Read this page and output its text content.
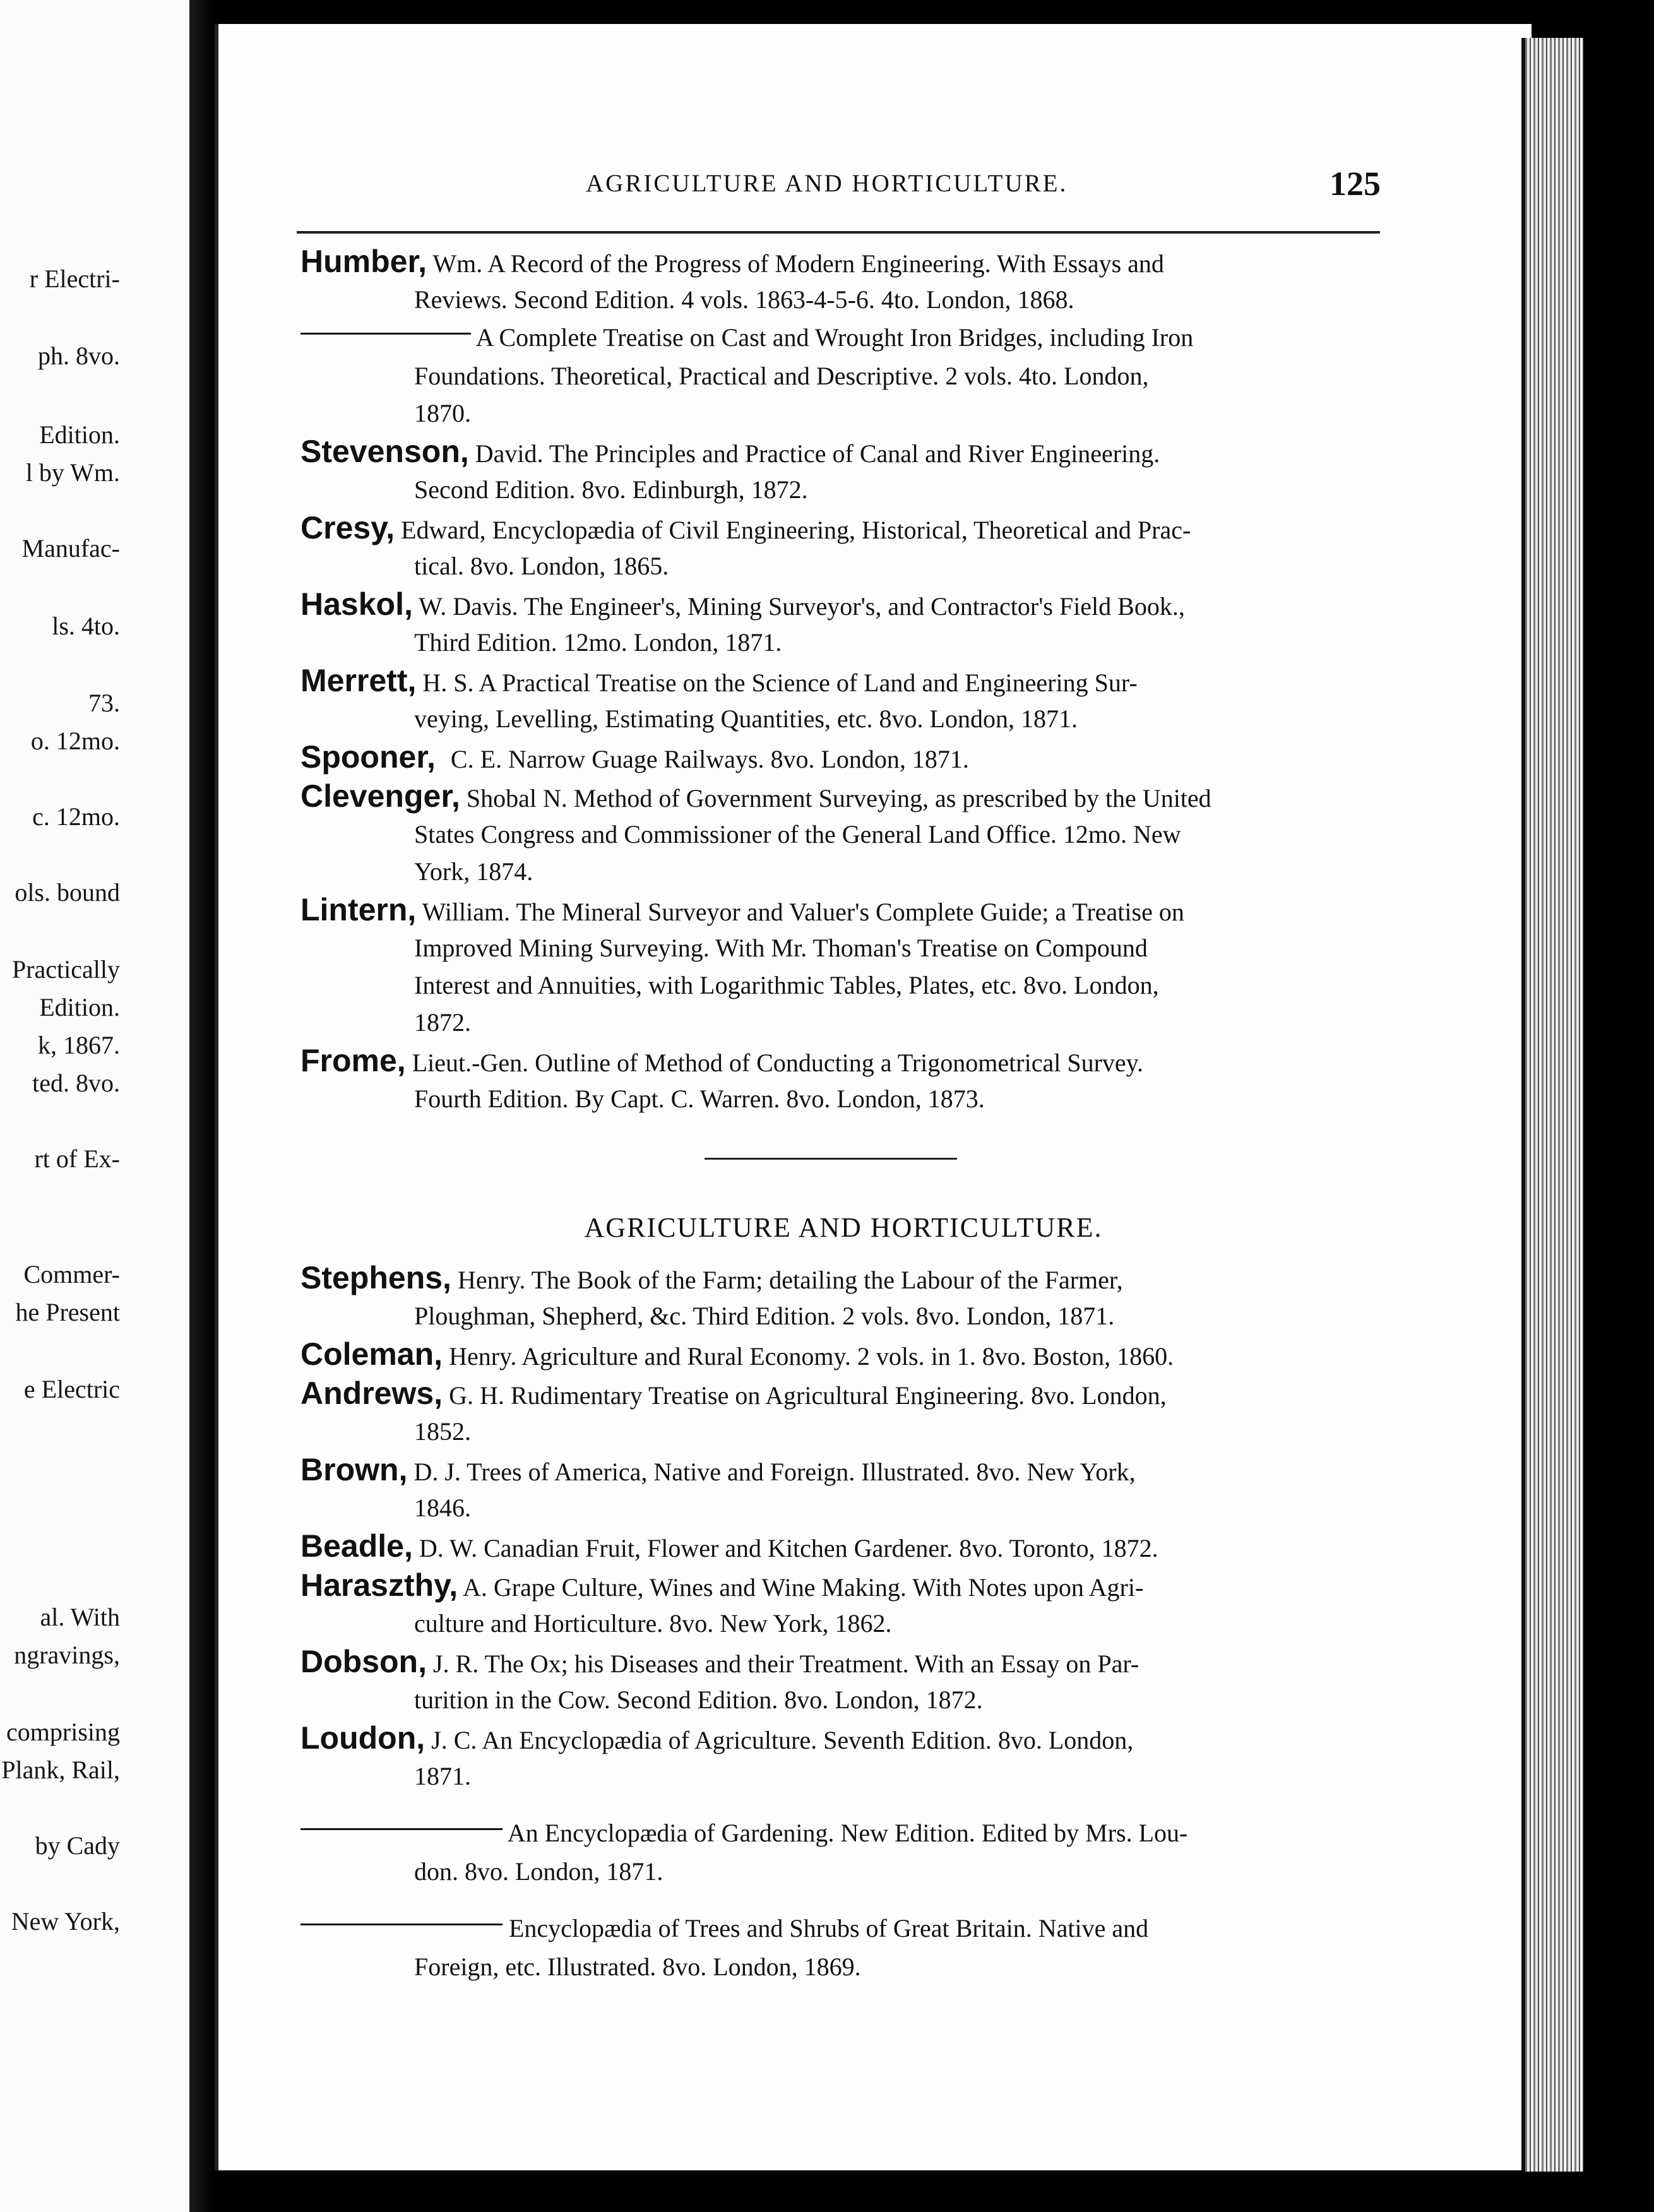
r Electri-
ph. 8vo.
Edition.
l by Wm.
Manufac-
ls. 4to.
73.
o. 12mo.
c. 12mo.
ols. bound
Practically
Edition.
k, 1867.
ted. 8vo.
rt of Ex-
Commer-
he Present
e Electric
al. With
ngravings,
comprising
Plank, Rail,
by Cady
New York,
AGRICULTURE AND HORTICULTURE.	125
Humber, Wm. A Record of the Progress of Modern Engineering. With Essays and
Reviews. Second Edition. 4 vols. 1863-4-5-6. 4to. London, 1868.
A Complete Treatise on Cast and Wrought Iron Bridges, including Iron
Foundations. Theoretical, Practical and Descriptive. 2 vols. 4to. London,
1870.
Stevenson, David. The Principles and Practice of Canal and River Engineering.
Second Edition. 8vo. Edinburgh, 1872.
Cresy, Edward, Encyclopædia of Civil Engineering, Historical, Theoretical and Prac-
tical. 8vo. London, 1865.
Haskol, W. Davis. The Engineer's, Mining Surveyor's, and Contractor's Field Book.,
Third Edition. 12mo. London, 1871.
Merrett, H. S. A Practical Treatise on the Science of Land and Engineering Sur-
veying, Levelling, Estimating Quantities, etc. 8vo. London, 1871.
Spooner, C. E. Narrow Guage Railways. 8vo. London, 1871.
Clevenger, Shobal N. Method of Government Surveying, as prescribed by the United
States Congress and Commissioner of the General Land Office. 12mo. New
York, 1874.
Lintern, William. The Mineral Surveyor and Valuer's Complete Guide; a Treatise on
Improved Mining Surveying. With Mr. Thoman's Treatise on Compound
Interest and Annuities, with Logarithmic Tables, Plates, etc. 8vo. London,
1872.
Frome, Lieut.-Gen. Outline of Method of Conducting a Trigonometrical Survey.
Fourth Edition. By Capt. C. Warren. 8vo. London, 1873.
AGRICULTURE AND HORTICULTURE.
Stephens, Henry. The Book of the Farm; detailing the Labour of the Farmer,
Ploughman, Shepherd, &c. Third Edition. 2 vols. 8vo. London, 1871.
Coleman, Henry. Agriculture and Rural Economy. 2 vols. in 1. 8vo. Boston, 1860.
Andrews, G. H. Rudimentary Treatise on Agricultural Engineering. 8vo. London,
1852.
Brown, D. J. Trees of America, Native and Foreign. Illustrated. 8vo. New York,
1846.
Beadle, D. W. Canadian Fruit, Flower and Kitchen Gardener. 8vo. Toronto, 1872.
Haraszthy, A. Grape Culture, Wines and Wine Making. With Notes upon Agri-
culture and Horticulture. 8vo. New York, 1862.
Dobson, J. R. The Ox; his Diseases and their Treatment. With an Essay on Par-
turition in the Cow. Second Edition. 8vo. London, 1872.
Loudon, J. C. An Encyclopædia of Agriculture. Seventh Edition. 8vo. London,
1871.
An Encyclopædia of Gardening. New Edition. Edited by Mrs. Lou-
don. 8vo. London, 1871.
Encyclopædia of Trees and Shrubs of Great Britain. Native and
Foreign, etc. Illustrated. 8vo. London, 1869.
